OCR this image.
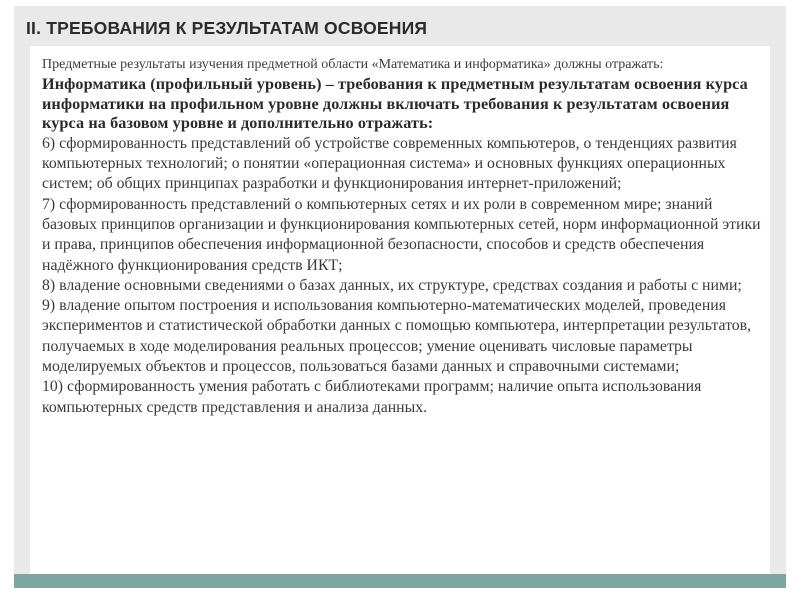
II. ТРЕБОВАНИЯ К РЕЗУЛЬТАТАМ ОСВОЕНИЯ

Предметные результаты изучения предметной области «Математика и информатика» должны отражать:

Информатика (профильный уровень) – требования к предметным результатам освоения курса информатики на профильном уровне должны включать требования к результатам освоения курса на базовом уровне и дополнительно отражать:

6) сформированность представлений об устройстве современных компьютеров, о тенденциях развития компьютерных технологий; о понятии «операционная система» и основных функциях операционных систем; об общих принципах разработки и функционирования интернет-приложений;

7) сформированность представлений о компьютерных сетях и их роли в современном мире; знаний базовых принципов организации и функционирования компьютерных сетей, норм информационной этики и права, принципов обеспечения информационной безопасности, способов и средств обеспечения надёжного функционирования средств ИКТ;

8) владение основными сведениями о базах данных, их структуре, средствах создания и работы с ними;

9) владение опытом построения и использования компьютерно-математических моделей, проведения экспериментов и статистической обработки данных с помощью компьютера, интерпретации результатов, получаемых в ходе моделирования реальных процессов; умение оценивать числовые параметры моделируемых объектов и процессов, пользоваться базами данных и справочными системами;

10) сформированность умения работать с библиотеками программ; наличие опыта использования компьютерных средств представления и анализа данных.
